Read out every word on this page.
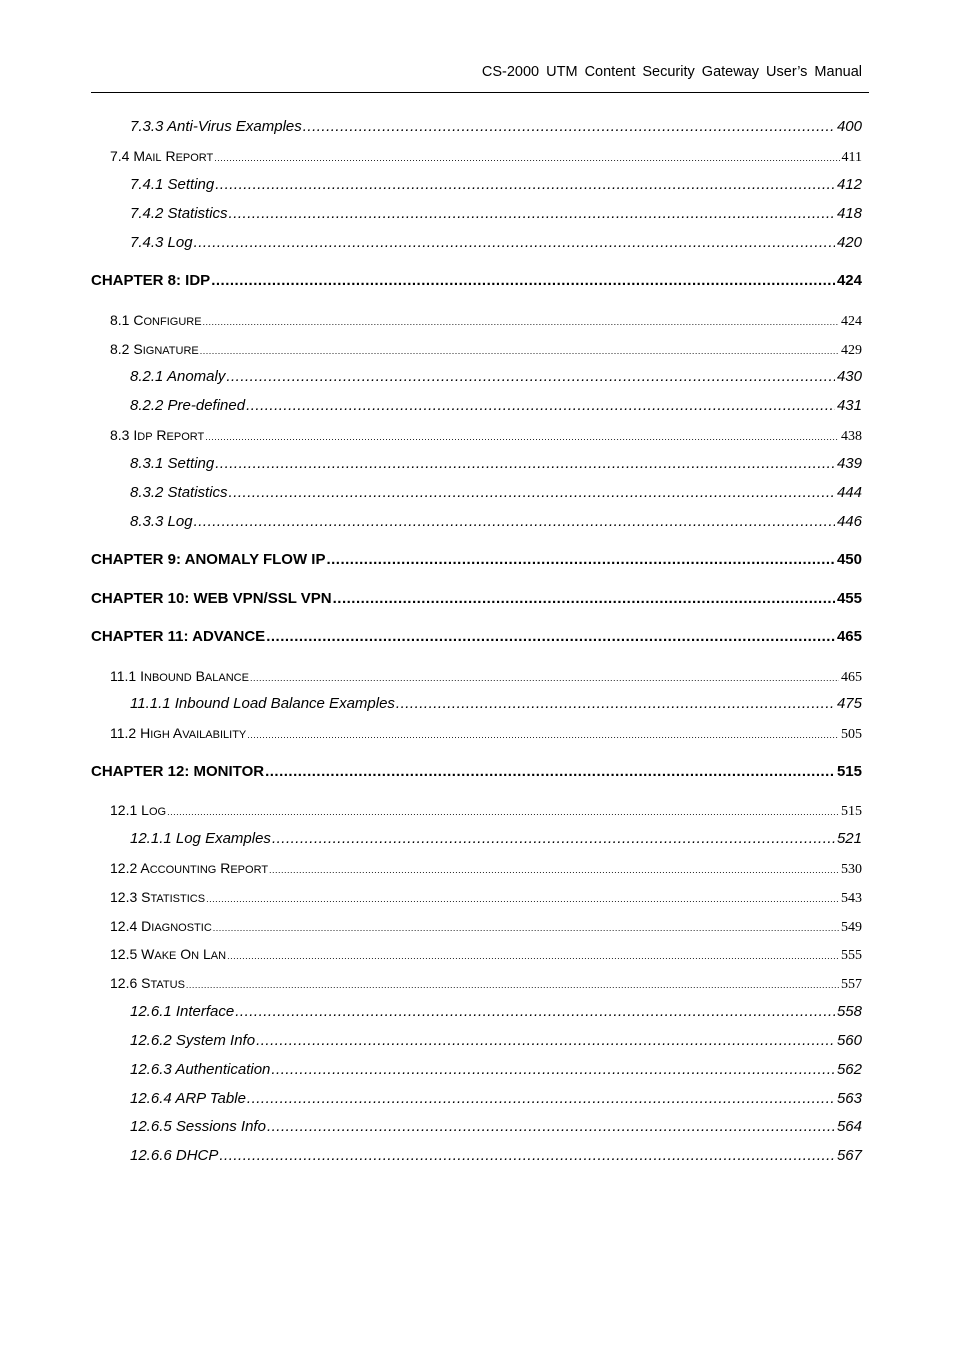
CS-2000 UTM Content Security Gateway User’s Manual
7.3.3 Anti-Virus Examples .....	400
7.4 MAIL REPORT .....	411
7.4.1 Setting .....	412
7.4.2 Statistics .....	418
7.4.3 Log .....	420
CHAPTER 8: IDP .....	424
8.1 CONFIGURE .....	424
8.2 SIGNATURE .....	429
8.2.1 Anomaly .....	430
8.2.2 Pre-defined .....	431
8.3 IDP REPORT .....	438
8.3.1 Setting .....	439
8.3.2 Statistics .....	444
8.3.3 Log .....	446
CHAPTER 9: ANOMALY FLOW IP .....	450
CHAPTER 10: WEB VPN/SSL VPN .....	455
CHAPTER 11: ADVANCE .....	465
11.1 INBOUND BALANCE .....	465
11.1.1 Inbound Load Balance Examples .....	475
11.2 HIGH AVAILABILITY .....	505
CHAPTER 12: MONITOR .....	515
12.1 LOG .....	515
12.1.1 Log Examples .....	521
12.2 ACCOUNTING REPORT .....	530
12.3 STATISTICS .....	543
12.4 DIAGNOSTIC .....	549
12.5 WAKE ON LAN .....	555
12.6 STATUS .....	557
12.6.1 Interface .....	558
12.6.2 System Info .....	560
12.6.3 Authentication .....	562
12.6.4 ARP Table .....	563
12.6.5 Sessions Info .....	564
12.6.6 DHCP .....	567
